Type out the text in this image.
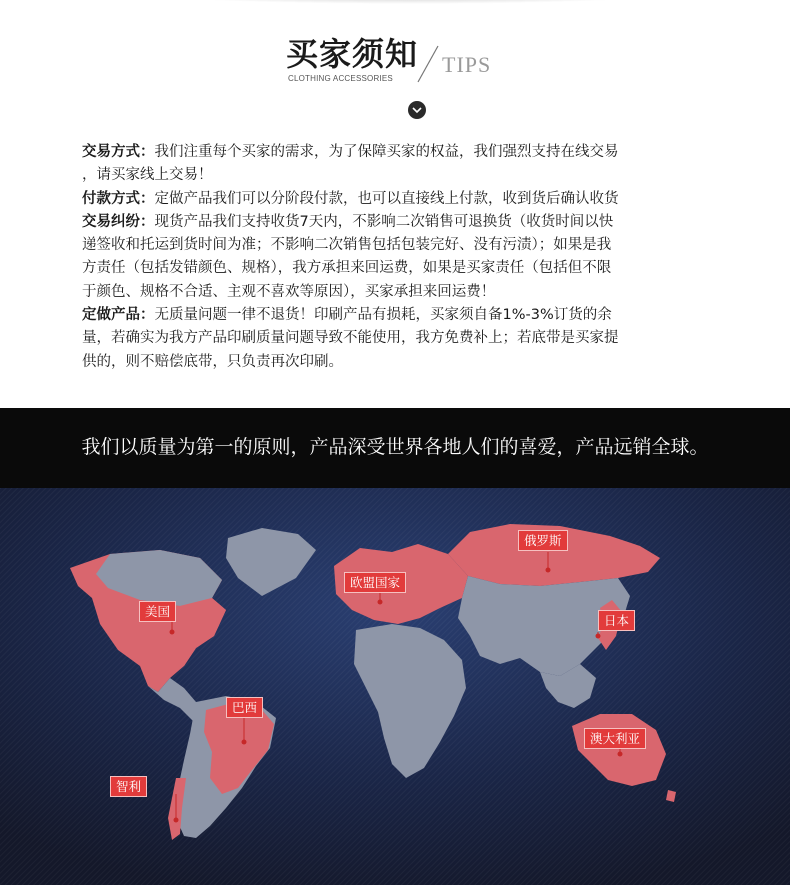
买家须知
CLOTHING ACCESSORIES
TIPS

交易方式：我们注重每个买家的需求，为了保障买家的权益，我们强烈支持在线交易

，请买家线上交易！

付款方式：定做产品我们可以分阶段付款，也可以直接线上付款，收到货后确认收货

交易纠纷：现货产品我们支持收货7天内，不影响二次销售可退换货（收货时间以快

递签收和托运到货时间为准；不影响二次销售包括包装完好、没有污渍）；如果是我

方责任（包括发错颜色、规格），我方承担来回运费，如果是买家责任（包括但不限

于颜色、规格不合适、主观不喜欢等原因），买家承担来回运费！

定做产品：无质量问题一律不退货！印刷产品有损耗，买家须自备1%-3%订货的余

量，若确实为我方产品印刷质量问题导致不能使用，我方免费补上；若底带是买家提

供的，则不赔偿底带，只负责再次印刷。

我们以质量为第一的原则，产品深受世界各地人们的喜爱，产品远销全球。
美国
巴西
智利
欧盟国家
俄罗斯
日本
澳大利亚
